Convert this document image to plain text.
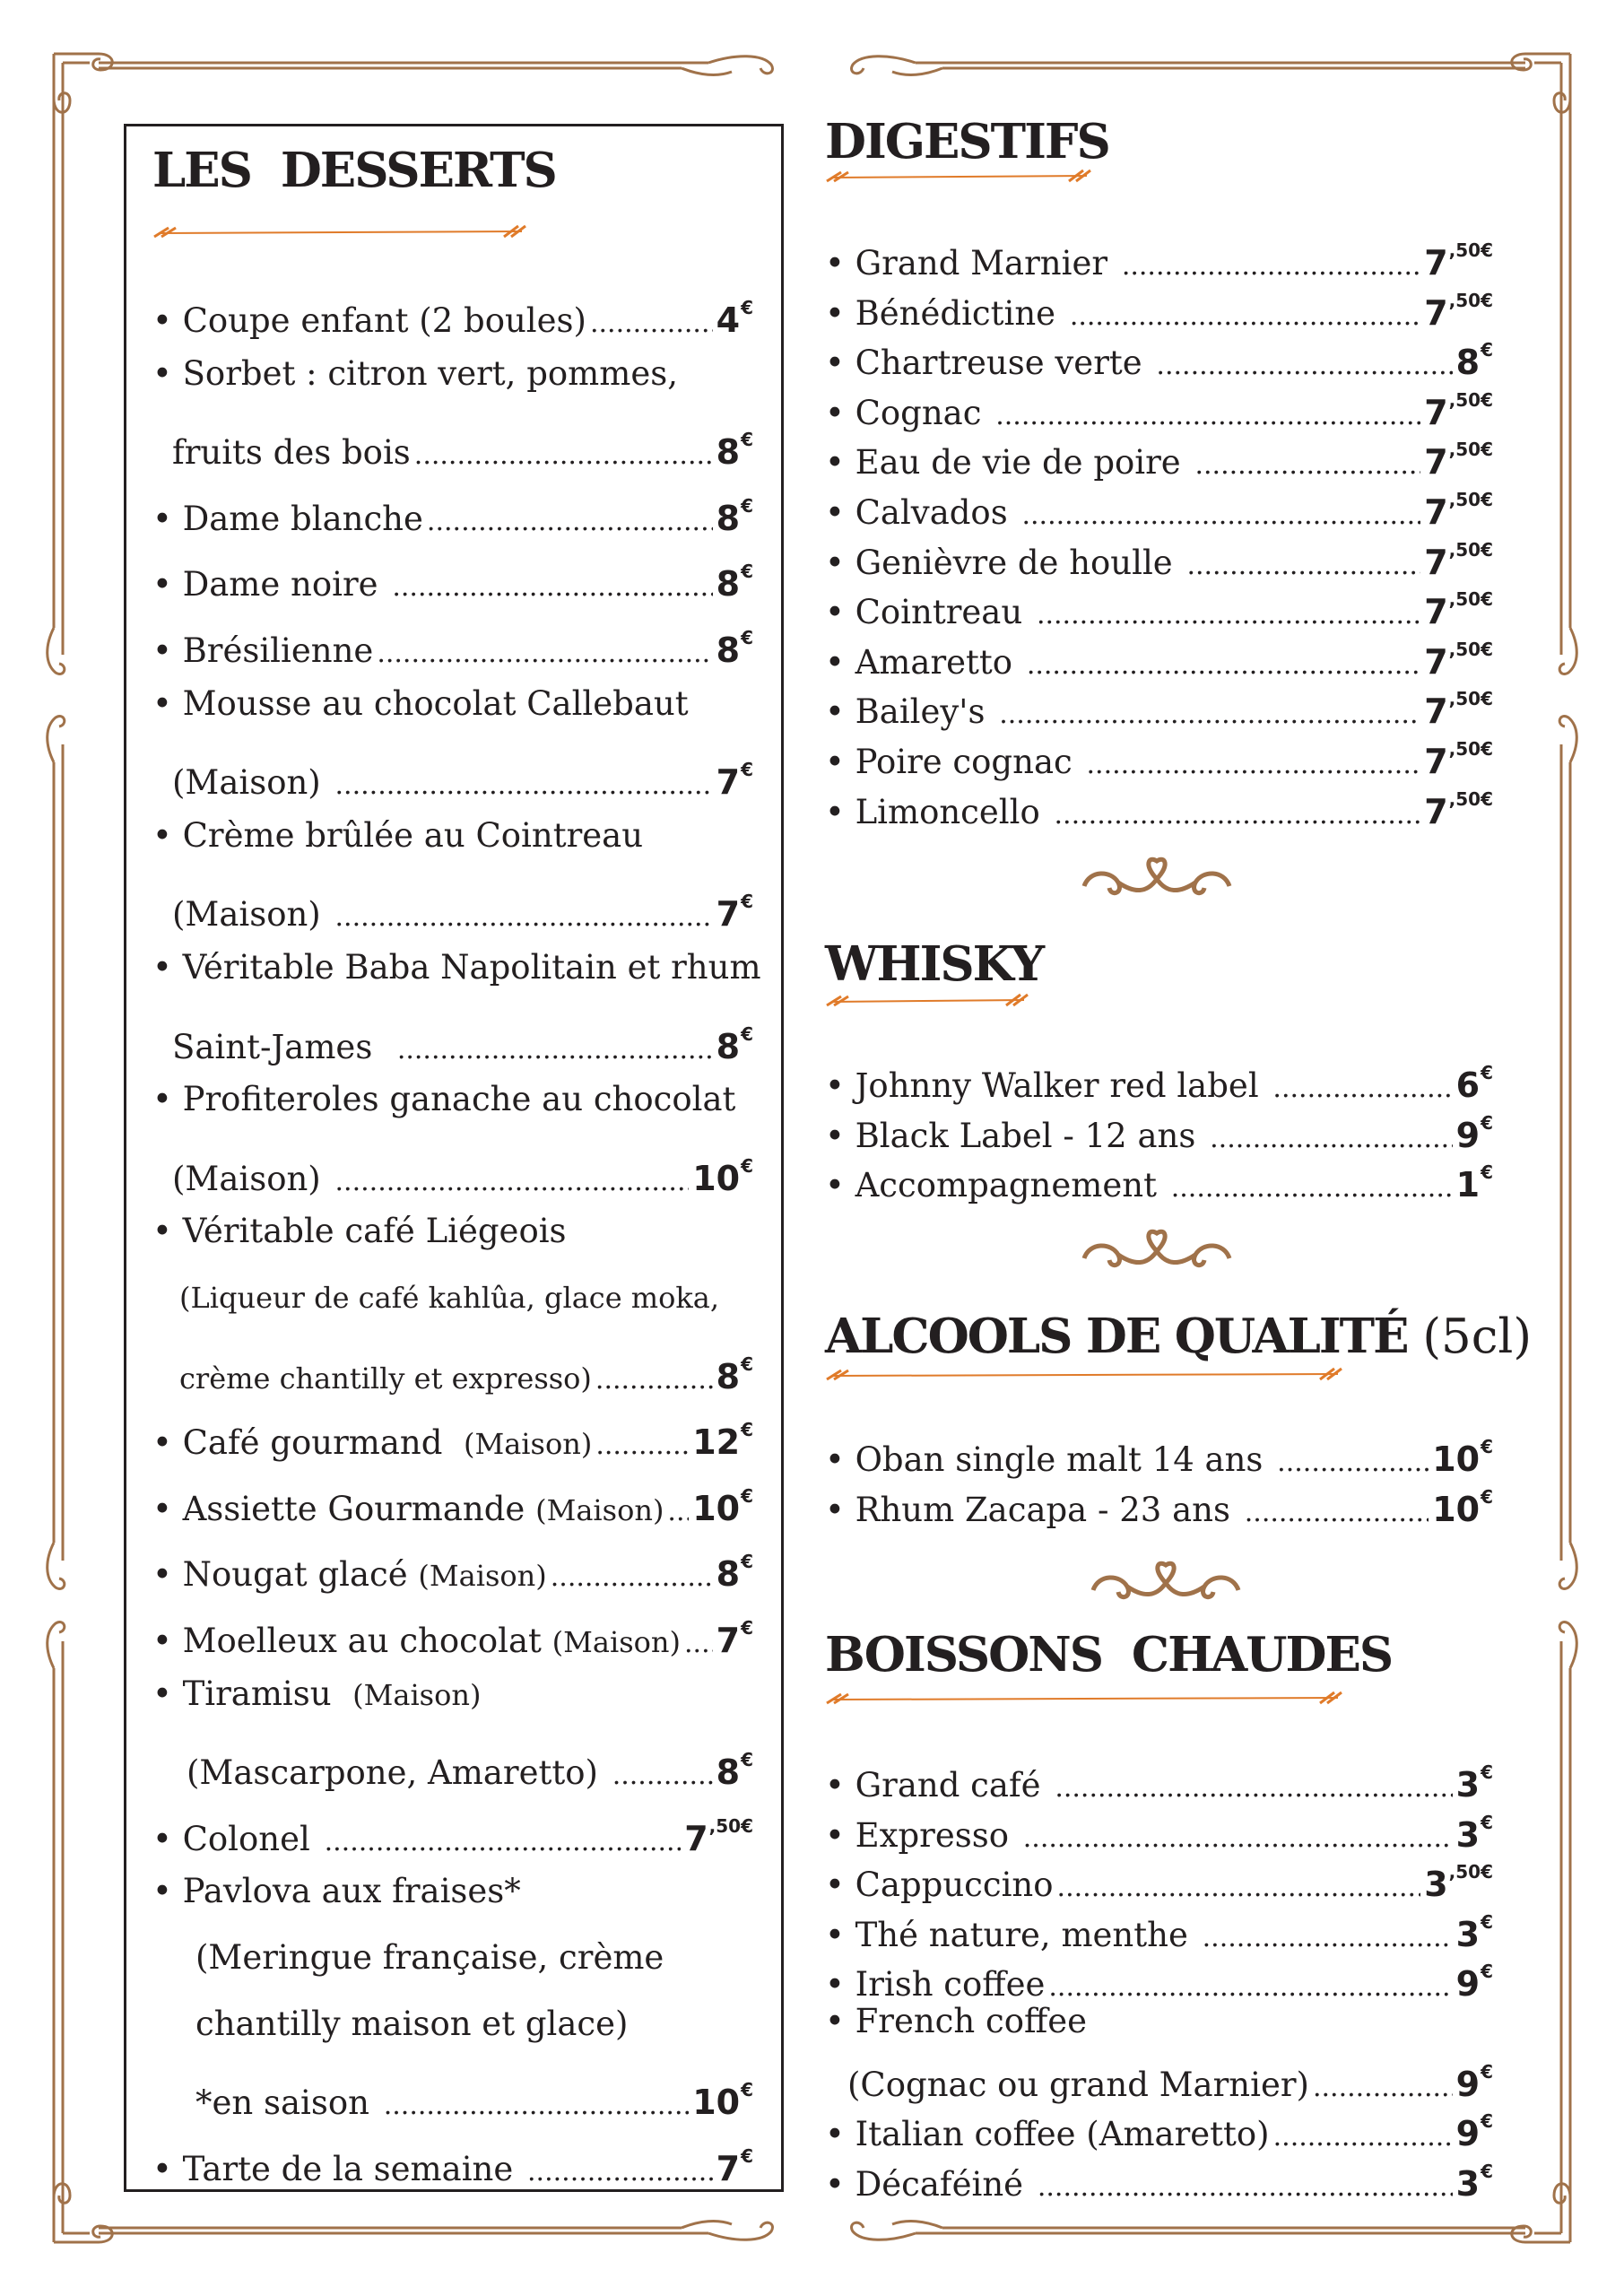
LES  DESSERTS
• Coupe enfant (2 boules) .....	4€
• Sorbet : citron vert, pommes,
fruits des bois .....	8€
• Dame blanche .....	8€
• Dame noire .....	8€
• Brésilienne .....	8€
• Mousse au chocolat Callebaut
(Maison) .....	7€
• Crème brûlée au Cointreau
(Maison) .....	7€
• Véritable Baba Napolitain et rhum
Saint-James .....	8€
• Profiteroles ganache au chocolat
(Maison) .....	10€
• Véritable café Liégeois
(Liqueur de café kahlûa, glace moka,
crème chantilly et expresso) .....	8€
• Café gourmand (Maison) .....	12€
• Assiette Gourmande (Maison) ..... 10€
• Nougat glacé (Maison) .....	8€
• Moelleux au chocolat (Maison) ..... 7€
• Tiramisu (Maison)
(Mascarpone, Amaretto) .....	8€
• Colonel .....	$7^{,50€}$
• Pavlova aux fraises*
(Meringue française, crème
chantilly maison et glace)
*en saison .....	10€
• Tarte de la semaine .....	7€
DIGESTIFS
• Grand Marnier .....	$7^{,50€}$
• Bénédictine .....	$7^{,50€}$
• Chartreuse verte .....	8€
• Cognac .....	$7^{,50€}$
• Eau de vie de poire .....	$7^{,50€}$
• Calvados .....	$7^{,50€}$
• Genièvre de houlle .....	$7^{,50€}$
• Cointreau .....	$7^{,50€}$
• Amaretto .....	$7^{,50€}$
• Bailey's .....	$7^{,50€}$
• Poire cognac .....	$7^{,50€}$
• Limoncello .....	$7^{,50€}$
WHISKY
• Johnny Walker red label .....	6€
• Black Label - 12 ans .....	9€
• Accompagnement .....	1€
ALCOOLS DE QUALITÉ (5cl)
• Oban single malt 14 ans .....	10€
• Rhum Zacapa - 23 ans .....	10€
BOISSONS  CHAUDES
• Grand café .....	3€
• Expresso .....	3€
• Cappuccino .....	$3^{,50€}$
• Thé nature, menthe .....	3€
• Irish coffee .....	9€
• French coffee
(Cognac ou grand Marnier) .....	9€
• Italian coffee (Amaretto) .....	9€
• Décaféiné .....	3€
